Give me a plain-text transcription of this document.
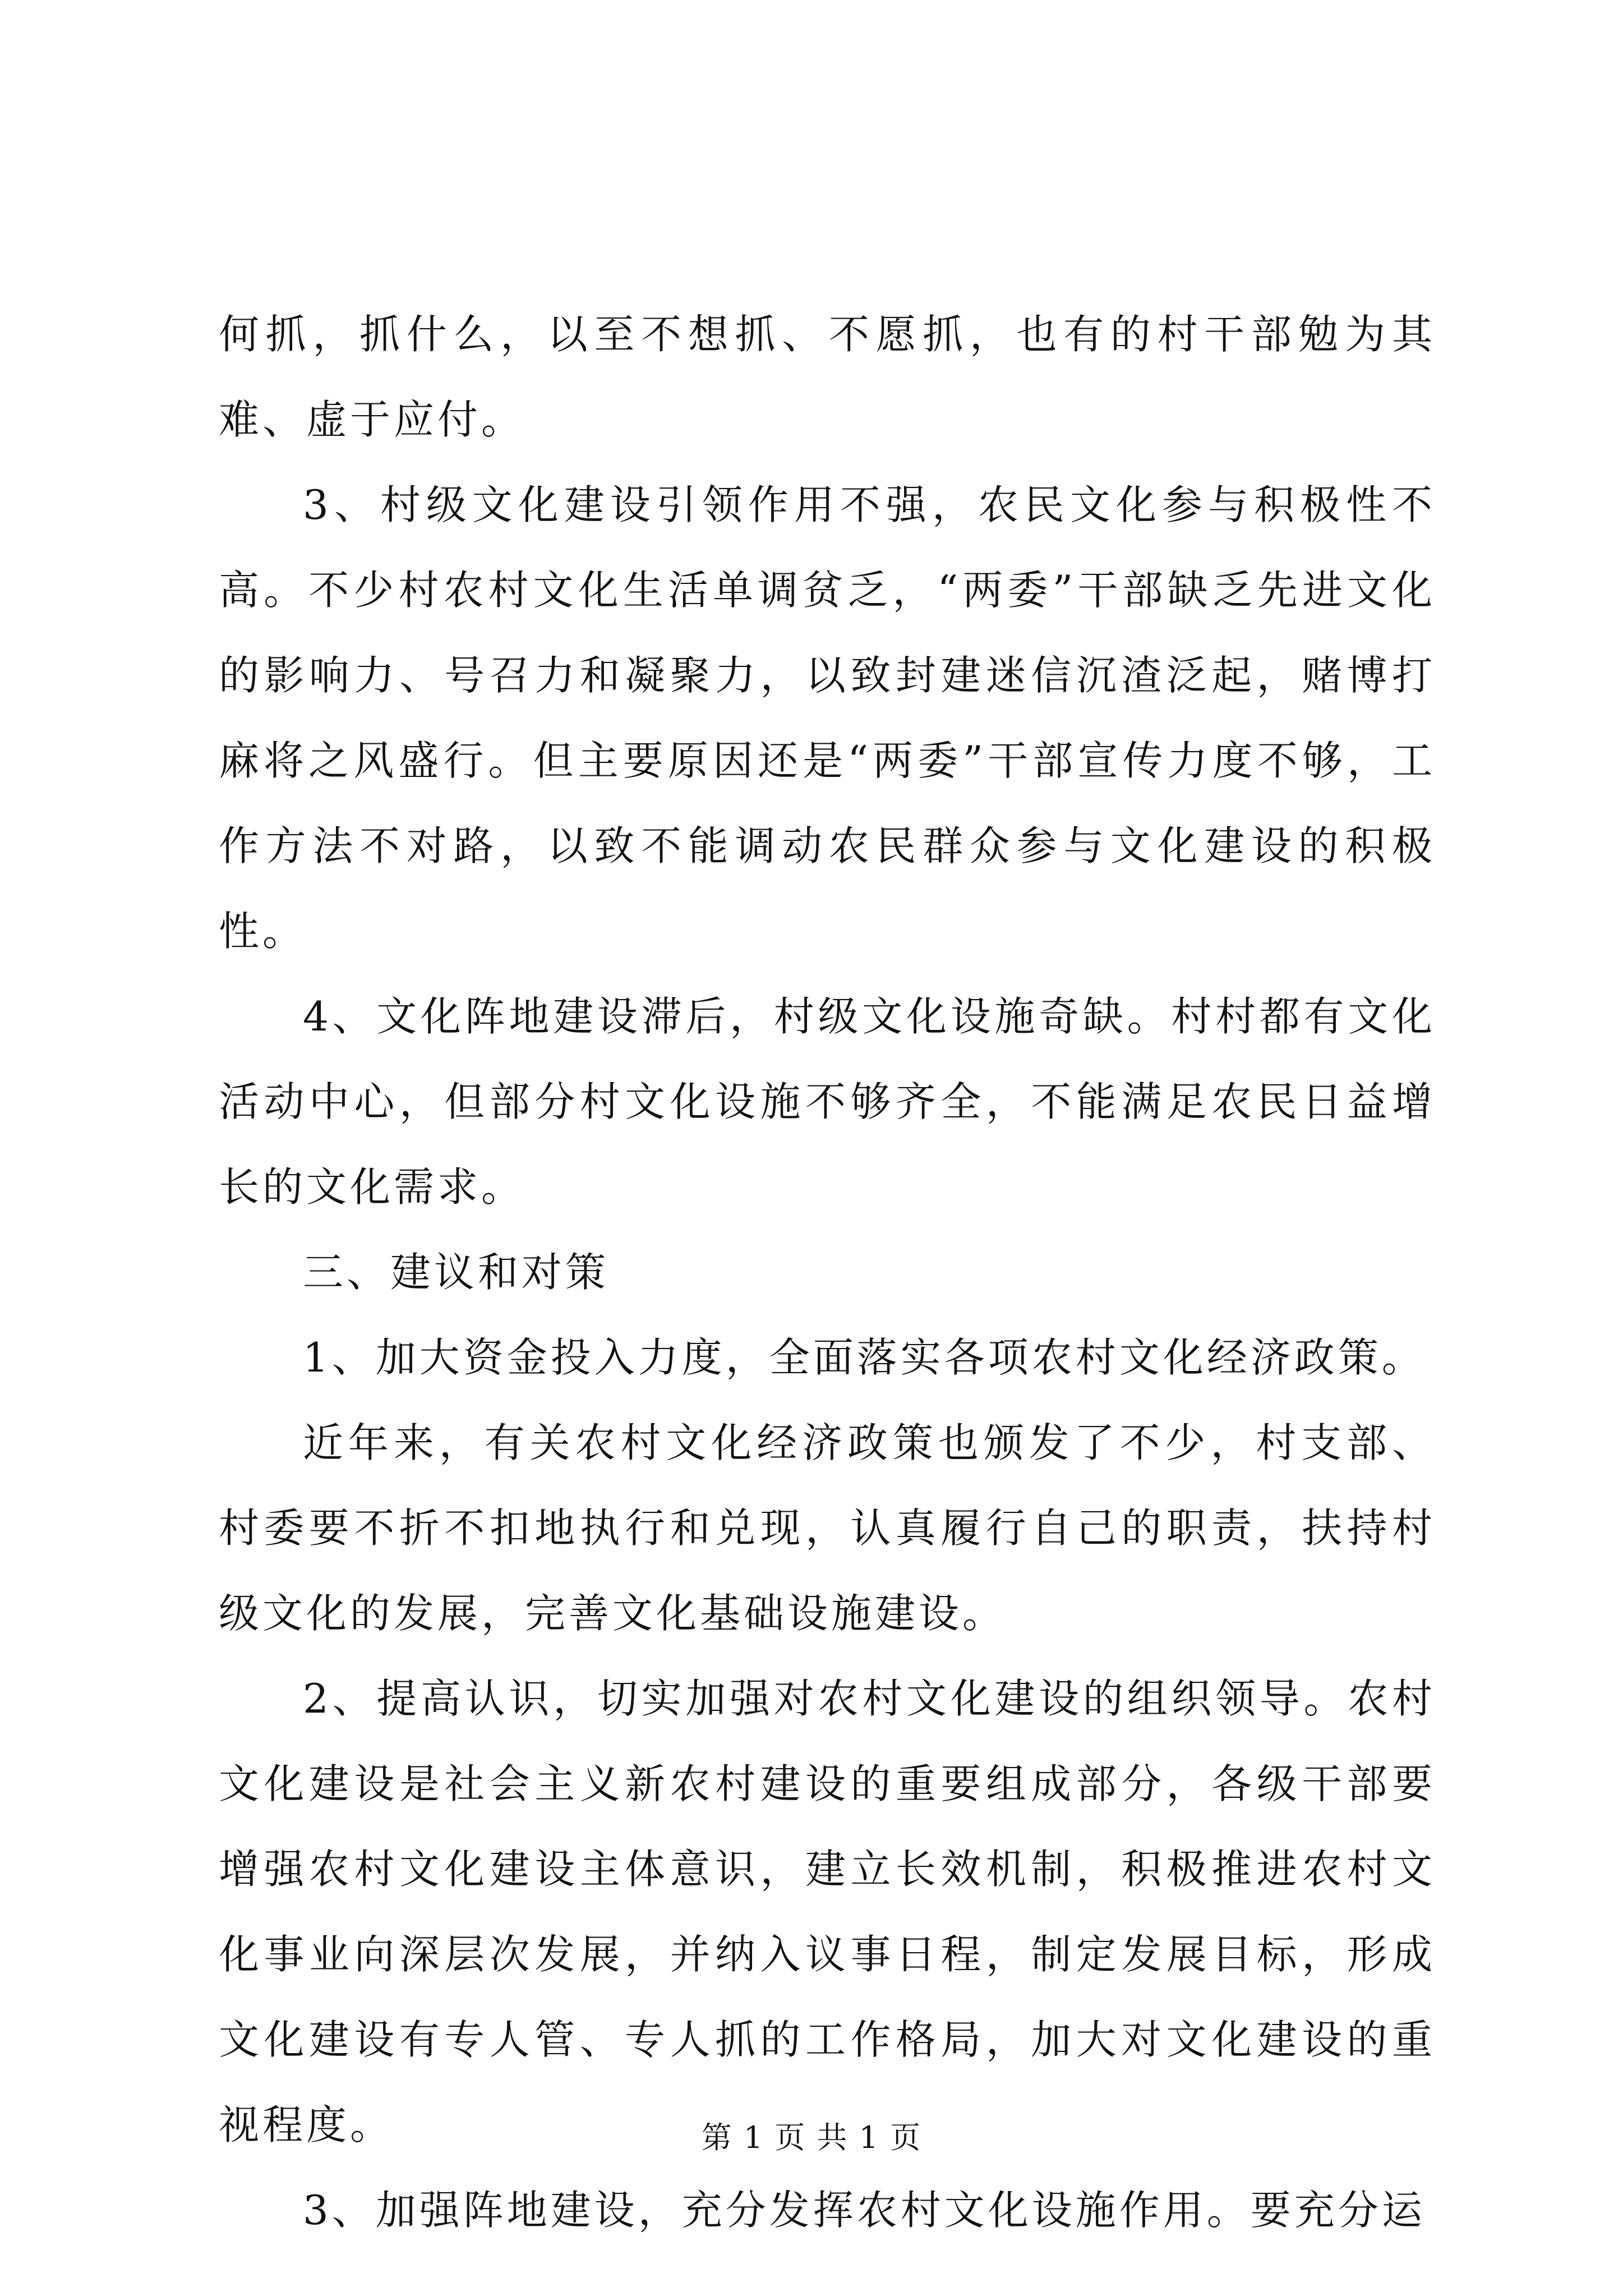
何抓，抓什么，以至不想抓、不愿抓，也有的村干部勉为其难、虚于应付。

3、村级文化建设引领作用不强，农民文化参与积极性不高。不少村农村文化生活单调贫乏，“两委”干部缺乏先进文化的影响力、号召力和凝聚力，以致封建迷信沉渣泛起，赌博打麻将之风盛行。但主要原因还是“两委”干部宣传力度不够，工作方法不对路，以致不能调动农民群众参与文化建设的积极性。

4、文化阵地建设滞后，村级文化设施奇缺。村村都有文化活动中心，但部分村文化设施不够齐全，不能满足农民日益增长的文化需求。

三、建议和对策

1、加大资金投入力度，全面落实各项农村文化经济政策。

近年来，有关农村文化经济政策也颁发了不少，村支部、村委要不折不扣地执行和兑现，认真履行自己的职责，扶持村级文化的发展，完善文化基础设施建设。

2、提高认识，切实加强对农村文化建设的组织领导。农村文化建设是社会主义新农村建设的重要组成部分，各级干部要增强农村文化建设主体意识，建立长效机制，积极推进农村文化事业向深层次发展，并纳入议事日程，制定发展目标，形成文化建设有专人管、专人抓的工作格局，加大对文化建设的重视程度。

3、加强阵地建设，充分发挥农村文化设施作用。要充分运

第 1 页 共 1 页
